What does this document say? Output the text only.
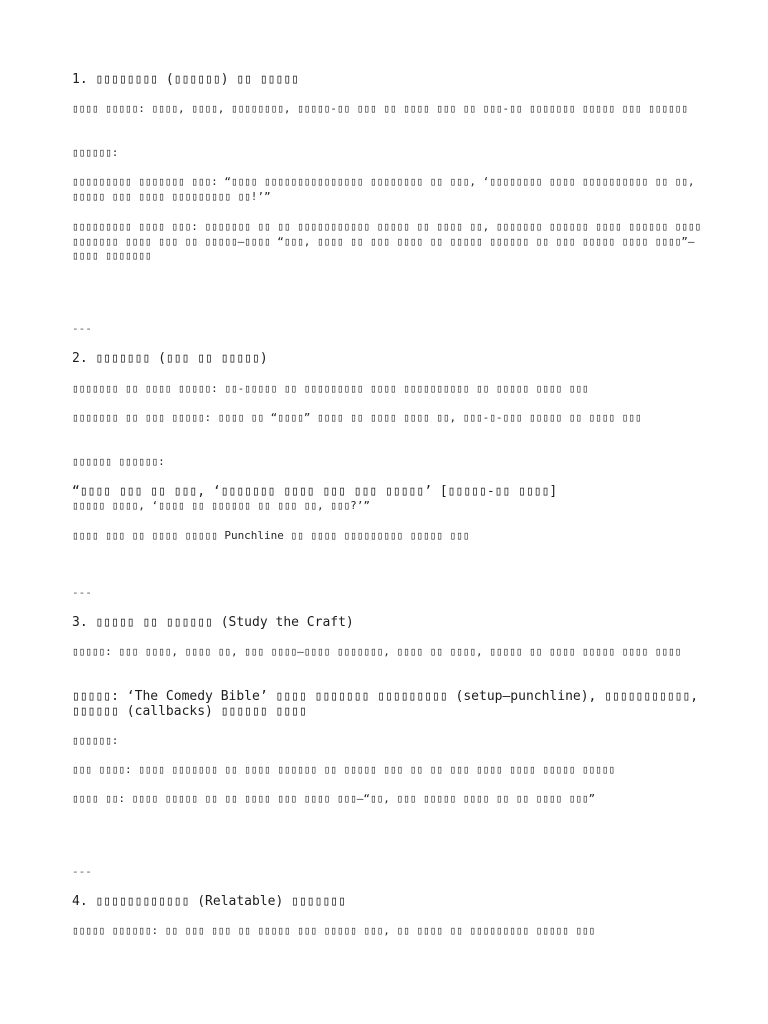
1. ▯▯▯▯▯▯▯▯ (▯▯▯▯▯▯) ▯▯ ▯▯▯▯▯

▯▯▯▯ ▯▯▯▯▯: ▯▯▯▯, ▯▯▯▯, ▯▯▯▯▯▯▯▯, ▯▯▯▯▯-▯▯ ▯▯▯ ▯▯ ▯▯▯▯ ▯▯▯ ▯▯ ▯▯▯-▯▯ ▯▯▯▯▯▯▯ ▯▯▯▯▯ ▯▯▯ ▯▯▯▯▯▯

▯▯▯▯▯▯:

▯▯▯▯▯▯▯▯▯ ▯▯▯▯▯▯▯ ▯▯▯: “▯▯▯▯ ▯▯▯▯▯▯▯▯▯▯▯▯▯▯▯ ▯▯▯▯▯▯▯▯ ▯▯ ▯▯▯, ‘▯▯▯▯▯▯▯▯ ▯▯▯▯ ▯▯▯▯▯▯▯▯▯▯ ▯▯ ▯▯, ▯▯▯▯▯ ▯▯▯ ▯▯▯▯ ▯▯▯▯▯▯▯▯▯ ▯▯!’”

▯▯▯▯▯▯▯▯▯ ▯▯▯▯ ▯▯▯: ▯▯▯▯▯▯▯ ▯▯ ▯▯ ▯▯▯▯▯▯▯▯▯▯▯ ▯▯▯▯▯ ▯▯ ▯▯▯▯ ▯▯, ▯▯▯▯▯▯▯ ▯▯▯▯▯▯ ▯▯▯▯ ▯▯▯▯▯▯ ▯▯▯▯ ▯▯▯▯▯▯▯ ▯▯▯▯ ▯▯▯ ▯▯ ▯▯▯▯▯—▯▯▯▯ “▯▯▯, ▯▯▯▯ ▯▯ ▯▯▯ ▯▯▯▯ ▯▯ ▯▯▯▯▯ ▯▯▯▯▯▯ ▯▯ ▯▯▯ ▯▯▯▯▯ ▯▯▯▯ ▯▯▯▯”—▯▯▯▯ ▯▯▯▯▯▯▯

---

2. ▯▯▯▯▯▯▯ (▯▯▯ ▯▯ ▯▯▯▯▯)

▯▯▯▯▯▯▯ ▯▯ ▯▯▯▯ ▯▯▯▯▯: ▯▯-▯▯▯▯▯ ▯▯ ▯▯▯▯▯▯▯▯▯ ▯▯▯▯ ▯▯▯▯▯▯▯▯▯▯ ▯▯ ▯▯▯▯▯ ▯▯▯▯ ▯▯▯

▯▯▯▯▯▯▯ ▯▯ ▯▯▯ ▯▯▯▯▯: ▯▯▯▯ ▯▯ “▯▯▯▯” ▯▯▯▯ ▯▯ ▯▯▯▯ ▯▯▯▯ ▯▯, ▯▯▯-▯-▯▯▯ ▯▯▯▯▯ ▯▯ ▯▯▯▯ ▯▯▯

▯▯▯▯▯▯ ▯▯▯▯▯▯:

“▯▯▯▯ ▯▯▯ ▯▯ ▯▯▯, ‘▯▯▯▯▯▯▯ ▯▯▯▯ ▯▯▯ ▯▯▯ ▯▯▯▯▯’ [▯▯▯▯▯-▯▯ ▯▯▯▯]

▯▯▯▯▯ ▯▯▯▯, ‘▯▯▯▯ ▯▯ ▯▯▯▯▯▯ ▯▯ ▯▯▯ ▯▯, ▯▯▯?’”

▯▯▯▯ ▯▯▯ ▯▯ ▯▯▯▯ ▯▯▯▯▯ Punchline ▯▯ ▯▯▯▯ ▯▯▯▯▯▯▯▯▯ ▯▯▯▯▯ ▯▯▯

---

3. ▯▯▯▯▯ ▯▯ ▯▯▯▯▯▯ (Study the Craft)

▯▯▯▯▯: ▯▯▯ ▯▯▯▯, ▯▯▯▯ ▯▯, ▯▯▯ ▯▯▯▯—▯▯▯▯ ▯▯▯▯▯▯▯, ▯▯▯▯ ▯▯ ▯▯▯▯, ▯▯▯▯▯ ▯▯ ▯▯▯▯ ▯▯▯▯▯ ▯▯▯▯ ▯▯▯▯

▯▯▯▯▯: ‘The Comedy Bible’ ▯▯▯▯ ▯▯▯▯▯▯▯ ▯▯▯▯▯▯▯▯▯ (setup–punchline), ▯▯▯▯▯▯▯▯▯▯▯, ▯▯▯▯▯▯ (callbacks) ▯▯▯▯▯▯ ▯▯▯▯

▯▯▯▯▯▯:

▯▯▯ ▯▯▯▯: ▯▯▯▯ ▯▯▯▯▯▯▯ ▯▯ ▯▯▯▯ ▯▯▯▯▯▯ ▯▯ ▯▯▯▯▯ ▯▯▯ ▯▯ ▯▯ ▯▯▯ ▯▯▯▯ ▯▯▯▯ ▯▯▯▯▯ ▯▯▯▯▯

▯▯▯▯ ▯▯: ▯▯▯▯ ▯▯▯▯▯ ▯▯ ▯▯ ▯▯▯▯ ▯▯▯ ▯▯▯▯ ▯▯▯—“▯▯, ▯▯▯ ▯▯▯▯▯ ▯▯▯▯ ▯▯ ▯▯ ▯▯▯▯ ▯▯▯”

---

4. ▯▯▯▯▯▯▯▯▯▯▯▯ (Relatable) ▯▯▯▯▯▯▯

▯▯▯▯▯ ▯▯▯▯▯▯: ▯▯ ▯▯▯ ▯▯▯ ▯▯ ▯▯▯▯▯ ▯▯▯ ▯▯▯▯▯ ▯▯▯, ▯▯ ▯▯▯▯ ▯▯ ▯▯▯▯▯▯▯▯▯ ▯▯▯▯▯ ▯▯▯
